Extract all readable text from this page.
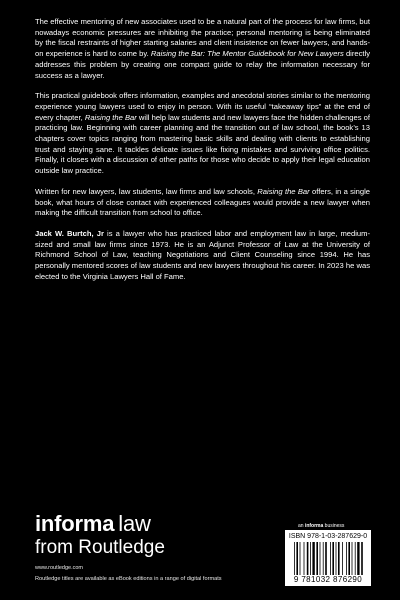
The effective mentoring of new associates used to be a natural part of the process for law firms, but nowadays economic pressures are inhibiting the practice; personal mentoring is being eliminated by the fiscal restraints of higher starting salaries and client insistence on fewer lawyers, and hands-on experience is hard to come by. Raising the Bar: The Mentor Guidebook for New Lawyers directly addresses this problem by creating one compact guide to relay the information necessary for success as a lawyer.

This practical guidebook offers information, examples and anecdotal stories similar to the mentoring experience young lawyers used to enjoy in person. With its useful “takeaway tips” at the end of every chapter, Raising the Bar will help law students and new lawyers face the hidden challenges of practicing law. Beginning with career planning and the transition out of law school, the book’s 13 chapters cover topics ranging from mastering basic skills and dealing with clients to establishing trust and staying sane. It tackles delicate issues like fixing mistakes and surviving office politics. Finally, it closes with a discussion of other paths for those who decide to apply their legal education outside law practice.

Written for new lawyers, law students, law firms and law schools, Raising the Bar offers, in a single book, what hours of close contact with experienced colleagues would provide a new lawyer when making the difficult transition from school to office.

Jack W. Burtch, Jr is a lawyer who has practiced labor and employment law in large, medium-sized and small law firms since 1973. He is an Adjunct Professor of Law at the University of Richmond School of Law, teaching Negotiations and Client Counseling since 1994. He has personally mentored scores of law students and new lawyers throughout his career. In 2023 he was elected to the Virginia Lawyers Hall of Fame.

informa law
from Routledge
www.routledge.com
Routledge titles are available as eBook editions in a range of digital formats
an informa business
ISBN 978-1-03-287629-0
9 781032 876290
